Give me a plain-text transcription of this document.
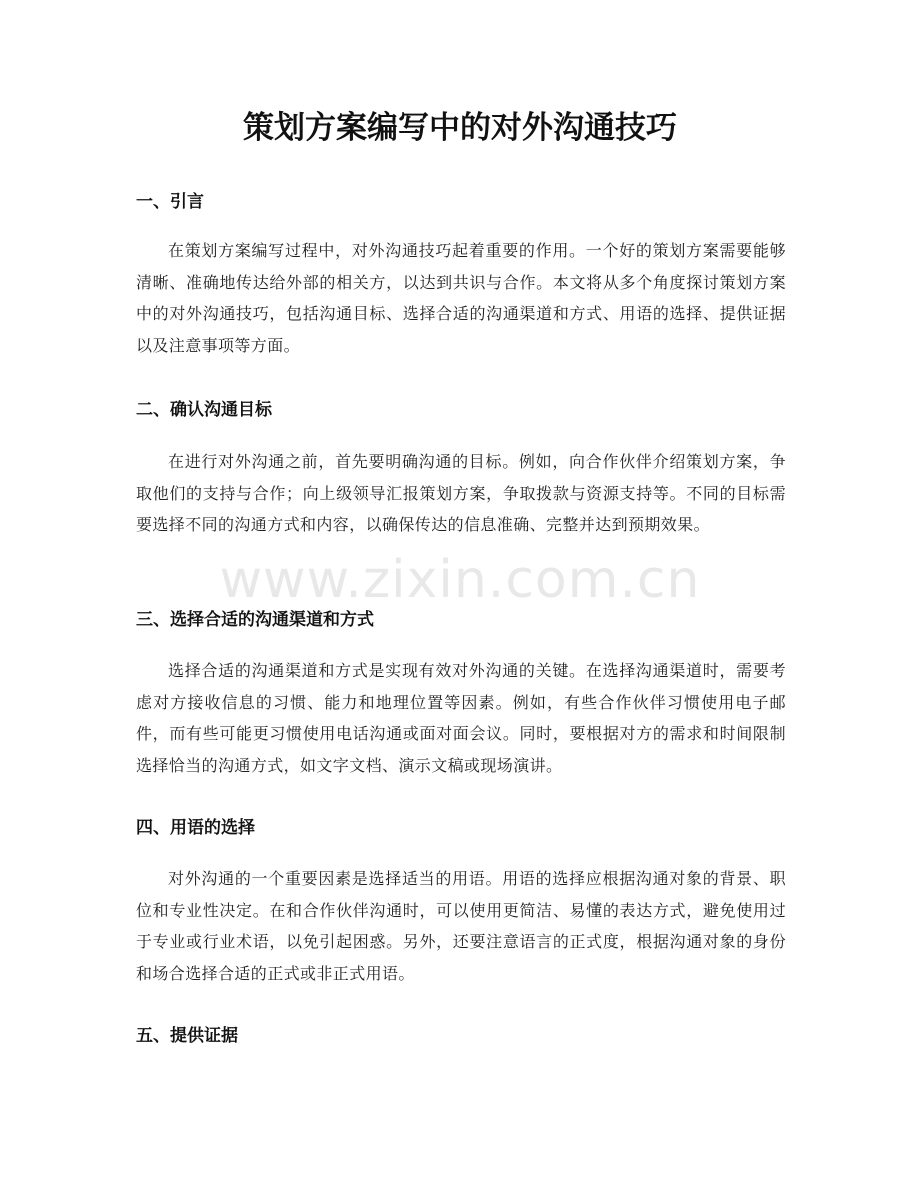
策划方案编写中的对外沟通技巧
一、引言

在策划方案编写过程中，对外沟通技巧起着重要的作用。一个好的策划方案需要能够清晰、准确地传达给外部的相关方，以达到共识与合作。本文将从多个角度探讨策划方案中的对外沟通技巧，包括沟通目标、选择合适的沟通渠道和方式、用语的选择、提供证据以及注意事项等方面。

二、确认沟通目标

在进行对外沟通之前，首先要明确沟通的目标。例如，向合作伙伴介绍策划方案，争取他们的支持与合作；向上级领导汇报策划方案，争取拨款与资源支持等。不同的目标需要选择不同的沟通方式和内容，以确保传达的信息准确、完整并达到预期效果。

三、选择合适的沟通渠道和方式

选择合适的沟通渠道和方式是实现有效对外沟通的关键。在选择沟通渠道时，需要考虑对方接收信息的习惯、能力和地理位置等因素。例如，有些合作伙伴习惯使用电子邮件，而有些可能更习惯使用电话沟通或面对面会议。同时，要根据对方的需求和时间限制选择恰当的沟通方式，如文字文档、演示文稿或现场演讲。

四、用语的选择

对外沟通的一个重要因素是选择适当的用语。用语的选择应根据沟通对象的背景、职位和专业性决定。在和合作伙伴沟通时，可以使用更简洁、易懂的表达方式，避免使用过于专业或行业术语，以免引起困惑。另外，还要注意语言的正式度，根据沟通对象的身份和场合选择合适的正式或非正式用语。

五、提供证据
www.zixin.com.cn
